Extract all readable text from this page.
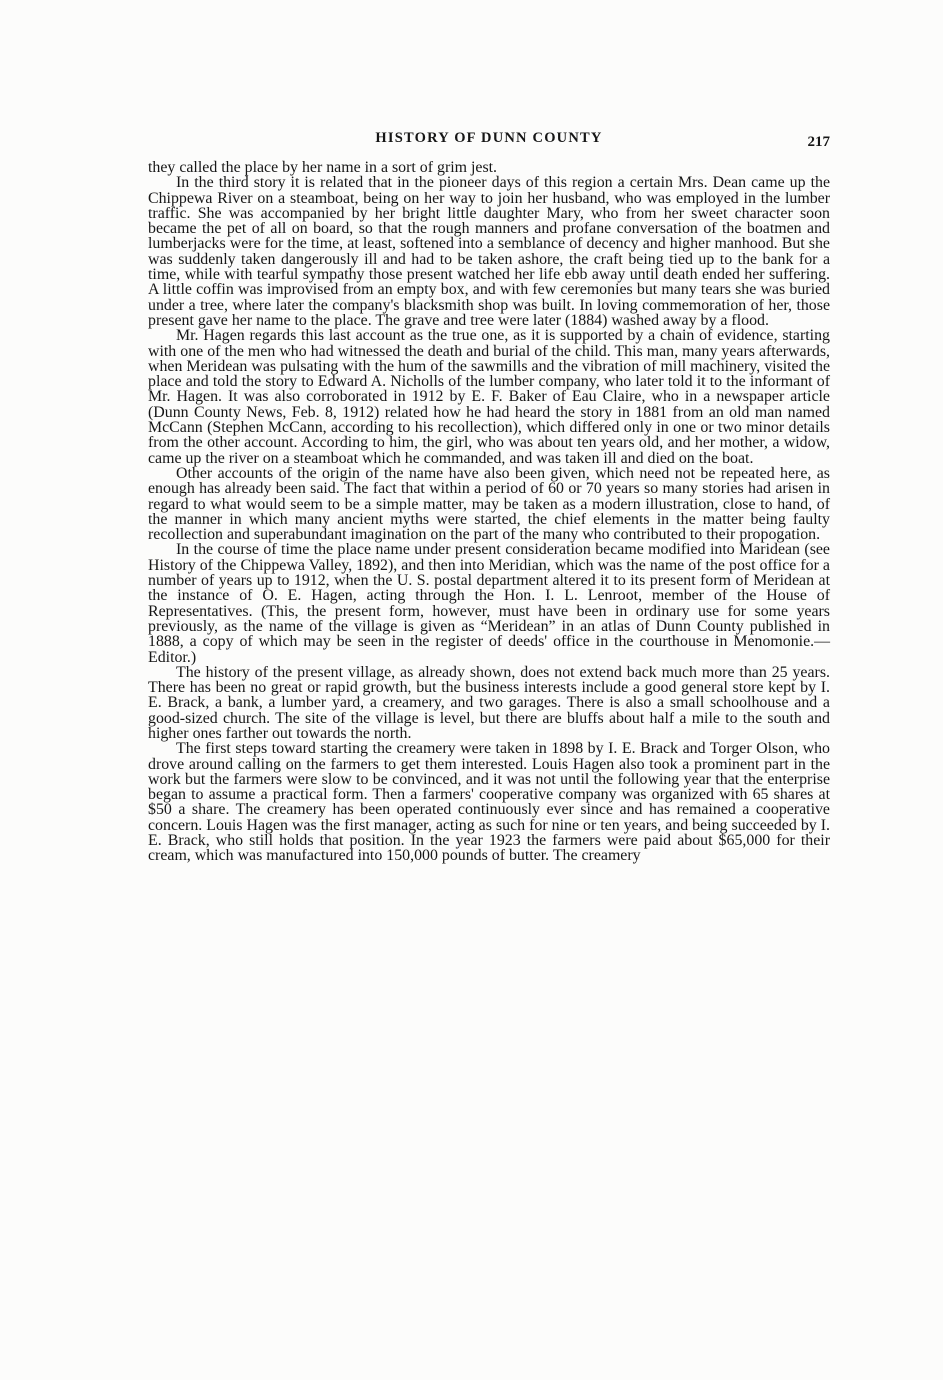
HISTORY OF DUNN COUNTY	217

they called the place by her name in a sort of grim jest.

In the third story it is related that in the pioneer days of this region a certain Mrs. Dean came up the Chippewa River on a steamboat, being on her way to join her husband, who was employed in the lumber traffic. She was accompanied by her bright little daughter Mary, who from her sweet character soon became the pet of all on board, so that the rough manners and profane conversation of the boatmen and lumberjacks were for the time, at least, softened into a semblance of decency and higher manhood. But she was suddenly taken dangerously ill and had to be taken ashore, the craft being tied up to the bank for a time, while with tearful sympathy those present watched her life ebb away until death ended her suffering. A little coffin was improvised from an empty box, and with few ceremonies but many tears she was buried under a tree, where later the company's blacksmith shop was built. In loving commemoration of her, those present gave her name to the place. The grave and tree were later (1884) washed away by a flood.

Mr. Hagen regards this last account as the true one, as it is supported by a chain of evidence, starting with one of the men who had witnessed the death and burial of the child. This man, many years afterwards, when Meridean was pulsating with the hum of the sawmills and the vibration of mill machinery, visited the place and told the story to Edward A. Nicholls of the lumber company, who later told it to the informant of Mr. Hagen. It was also corroborated in 1912 by E. F. Baker of Eau Claire, who in a newspaper article (Dunn County News, Feb. 8, 1912) related how he had heard the story in 1881 from an old man named McCann (Stephen McCann, according to his recollection), which differed only in one or two minor details from the other account. According to him, the girl, who was about ten years old, and her mother, a widow, came up the river on a steamboat which he commanded, and was taken ill and died on the boat.

Other accounts of the origin of the name have also been given, which need not be repeated here, as enough has already been said. The fact that within a period of 60 or 70 years so many stories had arisen in regard to what would seem to be a simple matter, may be taken as a modern illustration, close to hand, of the manner in which many ancient myths were started, the chief elements in the matter being faulty recollection and superabundant imagination on the part of the many who contributed to their propogation.

In the course of time the place name under present consideration became modified into Maridean (see History of the Chippewa Valley, 1892), and then into Meridian, which was the name of the post office for a number of years up to 1912, when the U. S. postal department altered it to its present form of Meridean at the instance of O. E. Hagen, acting through the Hon. I. L. Lenroot, member of the House of Representatives. (This, the present form, however, must have been in ordinary use for some years previously, as the name of the village is given as “Meridean” in an atlas of Dunn County published in 1888, a copy of which may be seen in the register of deeds' office in the courthouse in Menomonie.—Editor.)

The history of the present village, as already shown, does not extend back much more than 25 years. There has been no great or rapid growth, but the business interests include a good general store kept by I. E. Brack, a bank, a lumber yard, a creamery, and two garages. There is also a small schoolhouse and a good-sized church. The site of the village is level, but there are bluffs about half a mile to the south and higher ones farther out towards the north.

The first steps toward starting the creamery were taken in 1898 by I. E. Brack and Torger Olson, who drove around calling on the farmers to get them interested. Louis Hagen also took a prominent part in the work but the farmers were slow to be convinced, and it was not until the following year that the enterprise began to assume a practical form. Then a farmers' cooperative company was organized with 65 shares at $50 a share. The creamery has been operated continuously ever since and has remained a cooperative concern. Louis Hagen was the first manager, acting as such for nine or ten years, and being succeeded by I. E. Brack, who still holds that position. In the year 1923 the farmers were paid about $65,000 for their cream, which was manufactured into 150,000 pounds of butter. The creamery
